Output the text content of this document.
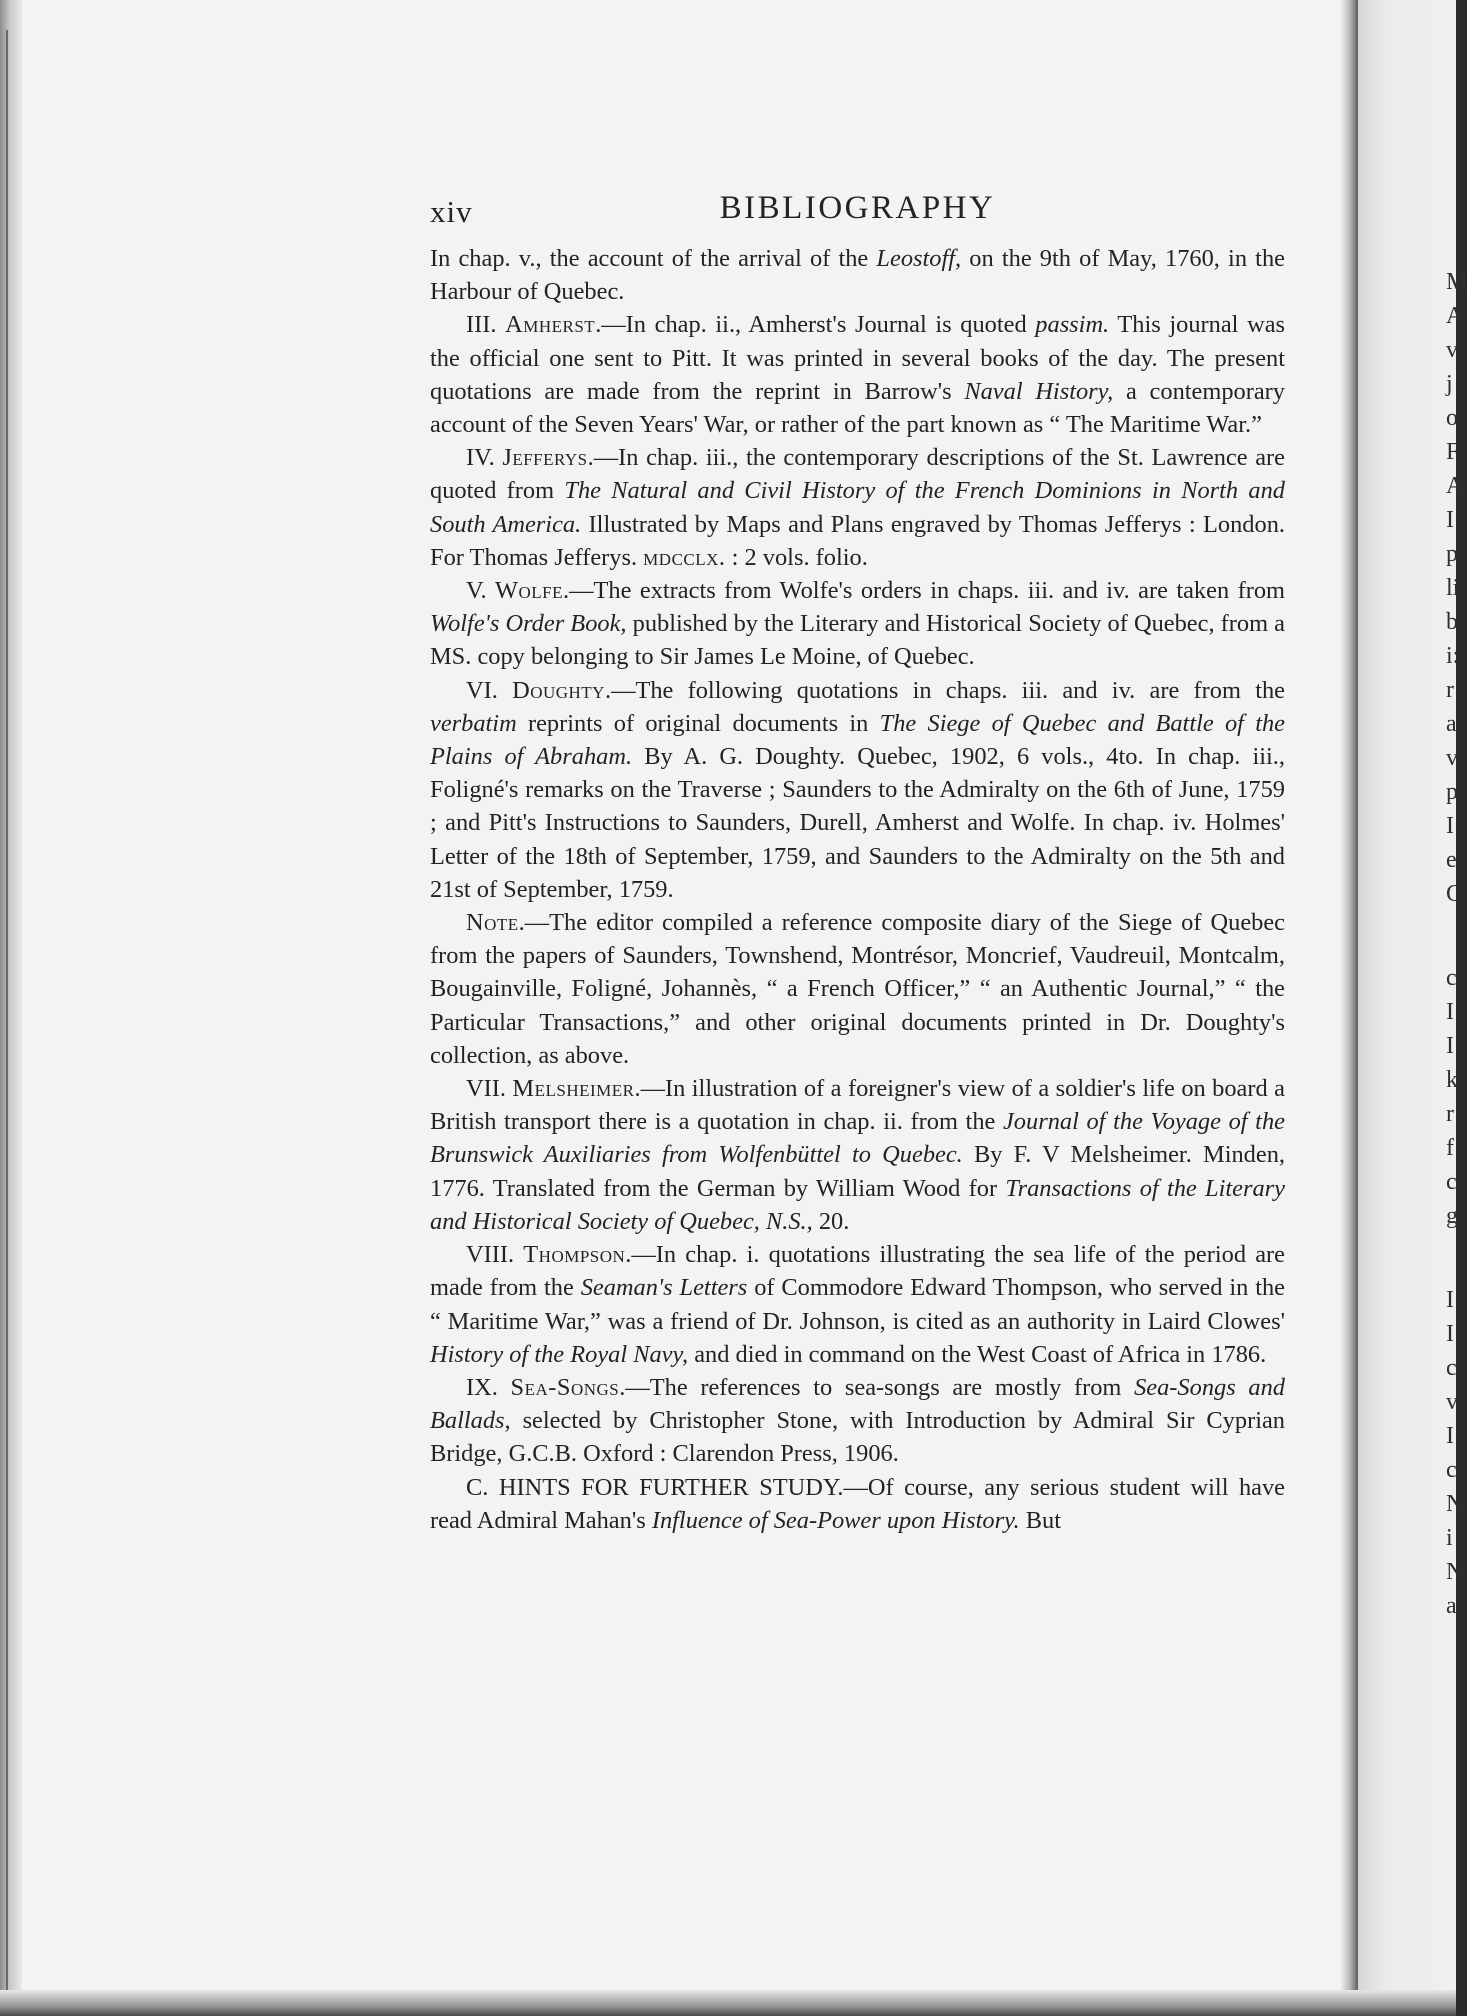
M
A
v
j
o
F
A
I
p
li
b
i:
r
a
v
p
I
e
C
c
I
I
k
r
f
c
g
I
I
c
v
I
c
N
i
N
a
xiv	BIBLIOGRAPHY

In chap. v., the account of the arrival of the Leostoff, on the 9th of May, 1760, in the Harbour of Quebec.

III. Amherst.—In chap. ii., Amherst's Journal is quoted passim. This journal was the official one sent to Pitt. It was printed in several books of the day. The present quotations are made from the reprint in Barrow's Naval History, a contemporary account of the Seven Years' War, or rather of the part known as “ The Maritime War.”

IV. Jefferys.—In chap. iii., the contemporary descriptions of the St. Lawrence are quoted from The Natural and Civil History of the French Dominions in North and South America. Illustrated by Maps and Plans engraved by Thomas Jefferys : London. For Thomas Jefferys. mdcclx. : 2 vols. folio.

V. Wolfe.—The extracts from Wolfe's orders in chaps. iii. and iv. are taken from Wolfe's Order Book, published by the Literary and Historical Society of Quebec, from a MS. copy belonging to Sir James Le Moine, of Quebec.

VI. Doughty.—The following quotations in chaps. iii. and iv. are from the verbatim reprints of original documents in The Siege of Quebec and Battle of the Plains of Abraham. By A. G. Doughty. Quebec, 1902, 6 vols., 4to. In chap. iii., Foligné's remarks on the Traverse ; Saunders to the Admiralty on the 6th of June, 1759 ; and Pitt's Instructions to Saunders, Durell, Amherst and Wolfe. In chap. iv. Holmes' Letter of the 18th of September, 1759, and Saunders to the Admiralty on the 5th and 21st of September, 1759.

Note.—The editor compiled a reference composite diary of the Siege of Quebec from the papers of Saunders, Townshend, Montrésor, Moncrief, Vaudreuil, Montcalm, Bougainville, Foligné, Johannès, “ a French Officer,” “ an Authentic Journal,” “ the Particular Transactions,” and other original documents printed in Dr. Doughty's collection, as above.

VII. Melsheimer.—In illustration of a foreigner's view of a soldier's life on board a British transport there is a quotation in chap. ii. from the Journal of the Voyage of the Brunswick Auxiliaries from Wolfenbüttel to Quebec. By F. V Melsheimer. Minden, 1776. Translated from the German by William Wood for Transactions of the Literary and Historical Society of Quebec, N.S., 20.

VIII. Thompson.—In chap. i. quotations illustrating the sea life of the period are made from the Seaman's Letters of Commodore Edward Thompson, who served in the “ Maritime War,” was a friend of Dr. Johnson, is cited as an authority in Laird Clowes' History of the Royal Navy, and died in command on the West Coast of Africa in 1786.

IX. Sea-Songs.—The references to sea-songs are mostly from Sea-Songs and Ballads, selected by Christopher Stone, with Introduction by Admiral Sir Cyprian Bridge, G.C.B. Oxford : Clarendon Press, 1906.

C. HINTS FOR FURTHER STUDY.—Of course, any serious student will have read Admiral Mahan's Influence of Sea-Power upon History. But
